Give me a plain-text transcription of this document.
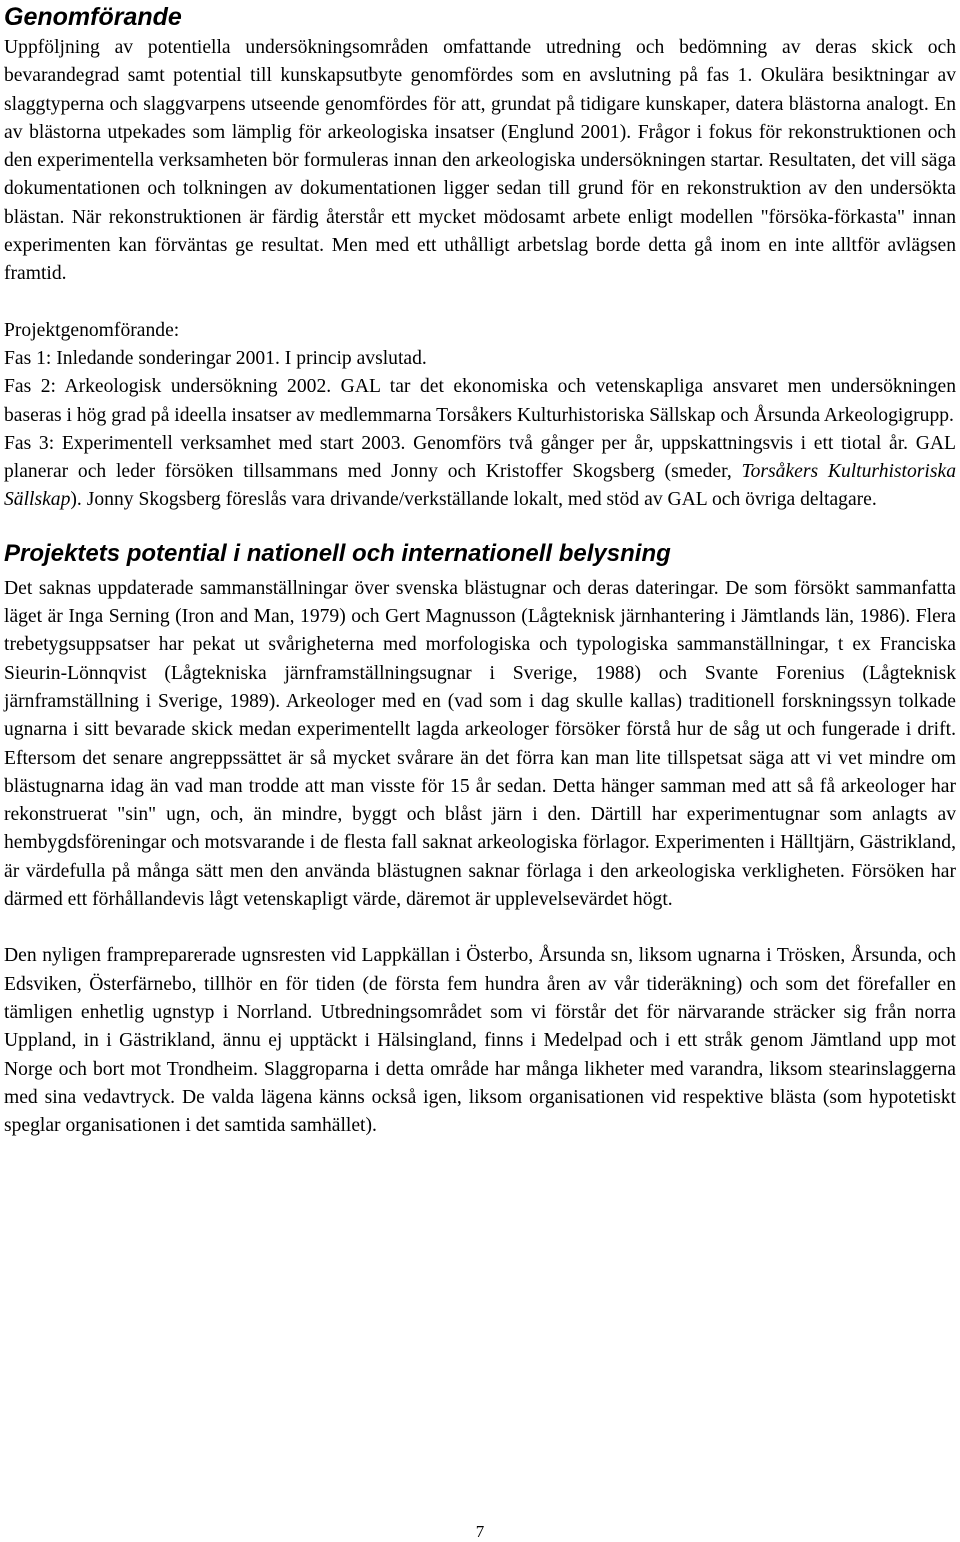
Genomförande

Uppföljning av potentiella undersökningsområden omfattande utredning och bedömning av deras skick och bevarandegrad samt potential till kunskapsutbyte genomfördes som en avslutning på fas 1. Okulära besiktningar av slaggtyperna och slaggvarpens utseende genomfördes för att, grundat på tidigare kunskaper, datera blästorna analogt. En av blästorna utpekades som lämplig för arkeologiska insatser (Englund 2001). Frågor i fokus för rekonstruktionen och den experimentella verksamheten bör formuleras innan den arkeologiska undersökningen startar. Resultaten, det vill säga dokumentationen och tolkningen av dokumentationen ligger sedan till grund för en rekonstruktion av den undersökta blästan. När rekonstruktionen är färdig återstår ett mycket mödosamt arbete enligt modellen "försöka-förkasta" innan experimenten kan förväntas ge resultat. Men med ett uthålligt arbetslag borde detta gå inom en inte alltför avlägsen framtid.

Projektgenomförande:

Fas 1: Inledande sonderingar 2001. I princip avslutad.

Fas 2: Arkeologisk undersökning 2002. GAL tar det ekonomiska och vetenskapliga ansvaret men undersökningen baseras i hög grad på ideella insatser av medlemmarna Torsåkers Kulturhistoriska Sällskap och Årsunda Arkeologigrupp.

Fas 3: Experimentell verksamhet med start 2003. Genomförs två gånger per år, uppskattningsvis i ett tiotal år. GAL planerar och leder försöken tillsammans med Jonny och Kristoffer Skogsberg (smeder, Torsåkers Kulturhistoriska Sällskap). Jonny Skogsberg föreslås vara drivande/verkställande lokalt, med stöd av GAL och övriga deltagare.

Projektets potential i nationell och internationell belysning

Det saknas uppdaterade sammanställningar över svenska blästugnar och deras dateringar. De som försökt sammanfatta läget är Inga Serning (Iron and Man, 1979) och Gert Magnusson (Lågteknisk järnhantering i Jämtlands län, 1986). Flera trebetygsuppsatser har pekat ut svårigheterna med morfologiska och typologiska sammanställningar, t ex Franciska Sieurin-Lönnqvist (Lågtekniska järnframställningsugnar i Sverige, 1988) och Svante Forenius (Lågteknisk järnframställning i Sverige, 1989). Arkeologer med en (vad som i dag skulle kallas) traditionell forskningssyn tolkade ugnarna i sitt bevarade skick medan experimentellt lagda arkeologer försöker förstå hur de såg ut och fungerade i drift. Eftersom det senare angreppssättet är så mycket svårare än det förra kan man lite tillspetsat säga att vi vet mindre om blästugnarna idag än vad man trodde att man visste för 15 år sedan. Detta hänger samman med att så få arkeologer har rekonstruerat "sin" ugn, och, än mindre, byggt och blåst järn i den. Därtill har experimentugnar som anlagts av hembygdsföreningar och motsvarande i de flesta fall saknat arkeologiska förlagor. Experimenten i Hälltjärn, Gästrikland, är värdefulla på många sätt men den använda blästugnen saknar förlaga i den arkeologiska verkligheten. Försöken har därmed ett förhållandevis lågt vetenskapligt värde, däremot är upplevelsevärdet högt.

Den nyligen frampreparerade ugnsresten vid Lappkällan i Österbo, Årsunda sn, liksom ugnarna i Trösken, Årsunda, och Edsviken, Österfärnebo, tillhör en för tiden (de första fem hundra åren av vår tideräkning) och som det förefaller en tämligen enhetlig ugnstyp i Norrland. Utbredningsområdet som vi förstår det för närvarande sträcker sig från norra Uppland, in i Gästrikland, ännu ej upptäckt i Hälsingland, finns i Medelpad och i ett stråk genom Jämtland upp mot Norge och bort mot Trondheim. Slaggroparna i detta område har många likheter med varandra, liksom stearinslaggerna med sina vedavtryck. De valda lägena känns också igen, liksom organisationen vid respektive blästa (som hypotetiskt speglar organisationen i det samtida samhället).

7
